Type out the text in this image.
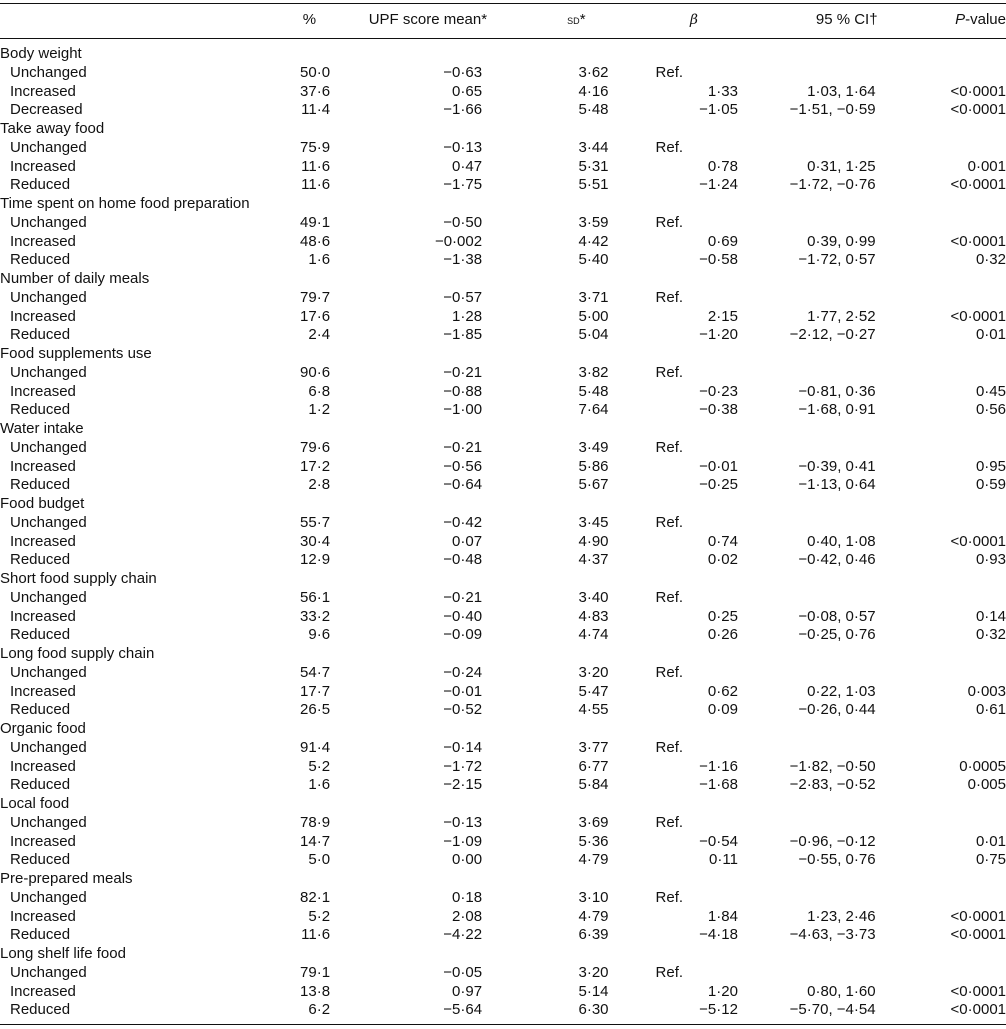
	%	UPF score mean*	sd*	β	95 % CI†	P-value
Body weight						
Unchanged	50·0	−0·63	3·62	Ref.		
Increased	37·6	0·65	4·16	1·33	1·03, 1·64	<0·0001
Decreased	11·4	−1·66	5·48	−1·05	−1·51, −0·59	<0·0001
Take away food						
Unchanged	75·9	−0·13	3·44	Ref.		
Increased	11·6	0·47	5·31	0·78	0·31, 1·25	0·001
Reduced	11·6	−1·75	5·51	−1·24	−1·72, −0·76	<0·0001
Time spent on home food preparation						
Unchanged	49·1	−0·50	3·59	Ref.		
Increased	48·6	−0·002	4·42	0·69	0·39, 0·99	<0·0001
Reduced	1·6	−1·38	5·40	−0·58	−1·72, 0·57	0·32
Number of daily meals						
Unchanged	79·7	−0·57	3·71	Ref.		
Increased	17·6	1·28	5·00	2·15	1·77, 2·52	<0·0001
Reduced	2·4	−1·85	5·04	−1·20	−2·12, −0·27	0·01
Food supplements use						
Unchanged	90·6	−0·21	3·82	Ref.		
Increased	6·8	−0·88	5·48	−0·23	−0·81, 0·36	0·45
Reduced	1·2	−1·00	7·64	−0·38	−1·68, 0·91	0·56
Water intake						
Unchanged	79·6	−0·21	3·49	Ref.		
Increased	17·2	−0·56	5·86	−0·01	−0·39, 0·41	0·95
Reduced	2·8	−0·64	5·67	−0·25	−1·13, 0·64	0·59
Food budget						
Unchanged	55·7	−0·42	3·45	Ref.		
Increased	30·4	0·07	4·90	0·74	0·40, 1·08	<0·0001
Reduced	12·9	−0·48	4·37	0·02	−0·42, 0·46	0·93
Short food supply chain						
Unchanged	56·1	−0·21	3·40	Ref.		
Increased	33·2	−0·40	4·83	0·25	−0·08, 0·57	0·14
Reduced	9·6	−0·09	4·74	0·26	−0·25, 0·76	0·32
Long food supply chain						
Unchanged	54·7	−0·24	3·20	Ref.		
Increased	17·7	−0·01	5·47	0·62	0·22, 1·03	0·003
Reduced	26·5	−0·52	4·55	0·09	−0·26, 0·44	0·61
Organic food						
Unchanged	91·4	−0·14	3·77	Ref.		
Increased	5·2	−1·72	6·77	−1·16	−1·82, −0·50	0·0005
Reduced	1·6	−2·15	5·84	−1·68	−2·83, −0·52	0·005
Local food						
Unchanged	78·9	−0·13	3·69	Ref.		
Increased	14·7	−1·09	5·36	−0·54	−0·96, −0·12	0·01
Reduced	5·0	0·00	4·79	0·11	−0·55, 0·76	0·75
Pre-prepared meals						
Unchanged	82·1	0·18	3·10	Ref.		
Increased	5·2	2·08	4·79	1·84	1·23, 2·46	<0·0001
Reduced	11·6	−4·22	6·39	−4·18	−4·63, −3·73	<0·0001
Long shelf life food						
Unchanged	79·1	−0·05	3·20	Ref.		
Increased	13·8	0·97	5·14	1·20	0·80, 1·60	<0·0001
Reduced	6·2	−5·64	6·30	−5·12	−5·70, −4·54	<0·0001
